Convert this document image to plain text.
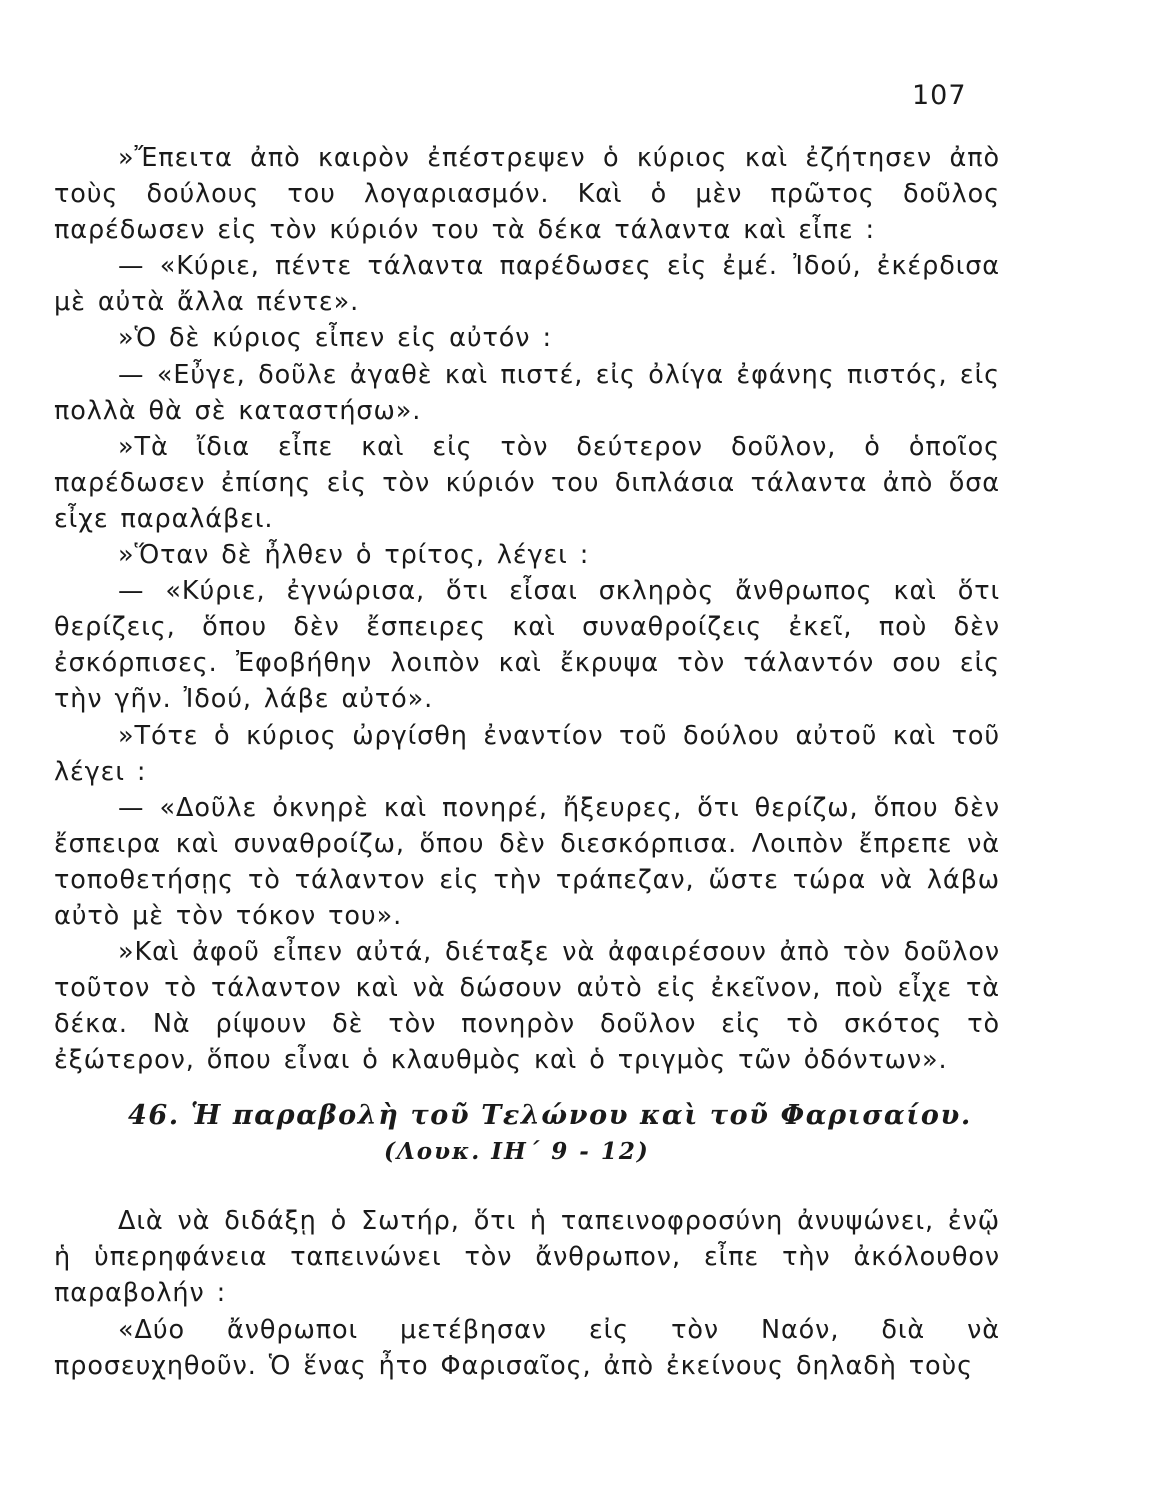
107

»Ἔπειτα ἀπὸ καιρὸν ἐπέστρεψεν ὁ κύριος καὶ ἐζήτησεν ἀπὸ τοὺς δούλους του λογαριασμόν. Καὶ ὁ μὲν πρῶτος δοῦλος παρέδωσεν εἰς τὸν κύριόν του τὰ δέκα τάλαντα καὶ εἶπε :

— «Κύριε, πέντε τάλαντα παρέδωσες εἰς ἐμέ. Ἰδού, ἐκέρδισα μὲ αὐτὰ ἄλλα πέντε».

»Ὁ δὲ κύριος εἶπεν εἰς αὐτόν :

— «Εὖγε, δοῦλε ἀγαθὲ καὶ πιστέ, εἰς ὀλίγα ἐφάνης πιστός, εἰς πολλὰ θὰ σὲ καταστήσω».

»Τὰ ἴδια εἶπε καὶ εἰς τὸν δεύτερον δοῦλον, ὁ ὁποῖος παρέδωσεν ἐπίσης εἰς τὸν κύριόν του διπλάσια τάλαντα ἀπὸ ὅσα εἶχε παραλάβει.

»Ὅταν δὲ ἦλθεν ὁ τρίτος, λέγει :

— «Κύριε, ἐγνώρισα, ὅτι εἶσαι σκληρὸς ἄνθρωπος καὶ ὅτι θερίζεις, ὅπου δὲν ἔσπειρες καὶ συναθροίζεις ἐκεῖ, ποὺ δὲν ἐσκόρπισες. Ἐφοβήθην λοιπὸν καὶ ἔκρυψα τὸν τάλαντόν σου εἰς τὴν γῆν. Ἰδού, λάβε αὐτό».

»Τότε ὁ κύριος ὠργίσθη ἐναντίον τοῦ δούλου αὐτοῦ καὶ τοῦ λέγει :

— «Δοῦλε ὀκνηρὲ καὶ πονηρέ, ἤξευρες, ὅτι θερίζω, ὅπου δὲν ἔσπειρα καὶ συναθροίζω, ὅπου δὲν διεσκόρπισα. Λοιπὸν ἔπρεπε νὰ τοποθετήσῃς τὸ τάλαντον εἰς τὴν τράπεζαν, ὥστε τώρα νὰ λάβω αὐτὸ μὲ τὸν τόκον του».

»Καὶ ἀφοῦ εἶπεν αὐτά, διέταξε νὰ ἀφαιρέσουν ἀπὸ τὸν δοῦλον τοῦτον τὸ τάλαντον καὶ νὰ δώσουν αὐτὸ εἰς ἐκεῖνον, ποὺ εἶχε τὰ δέκα. Νὰ ρίψουν δὲ τὸν πονηρὸν δοῦλον εἰς τὸ σκότος τὸ ἐξώτερον, ὅπου εἶναι ὁ κλαυθμὸς καὶ ὁ τριγμὸς τῶν ὀδόντων».

46. Ἡ παραβολὴ τοῦ Τελώνου καὶ τοῦ Φαρισαίου.
(Λουκ. ΙΗ΄ 9 - 12)

Διὰ νὰ διδάξῃ ὁ Σωτήρ, ὅτι ἡ ταπεινοφροσύνη ἀνυψώνει, ἐνῷ ἡ ὑπερηφάνεια ταπεινώνει τὸν ἄνθρωπον, εἶπε τὴν ἀκόλουθον παραβολήν :

«Δύο ἄνθρωποι μετέβησαν εἰς τὸν Ναόν, διὰ νὰ προσευχηθοῦν. Ὁ ἕνας ἦτο Φαρισαῖος, ἀπὸ ἐκείνους δηλαδὴ τοὺς
